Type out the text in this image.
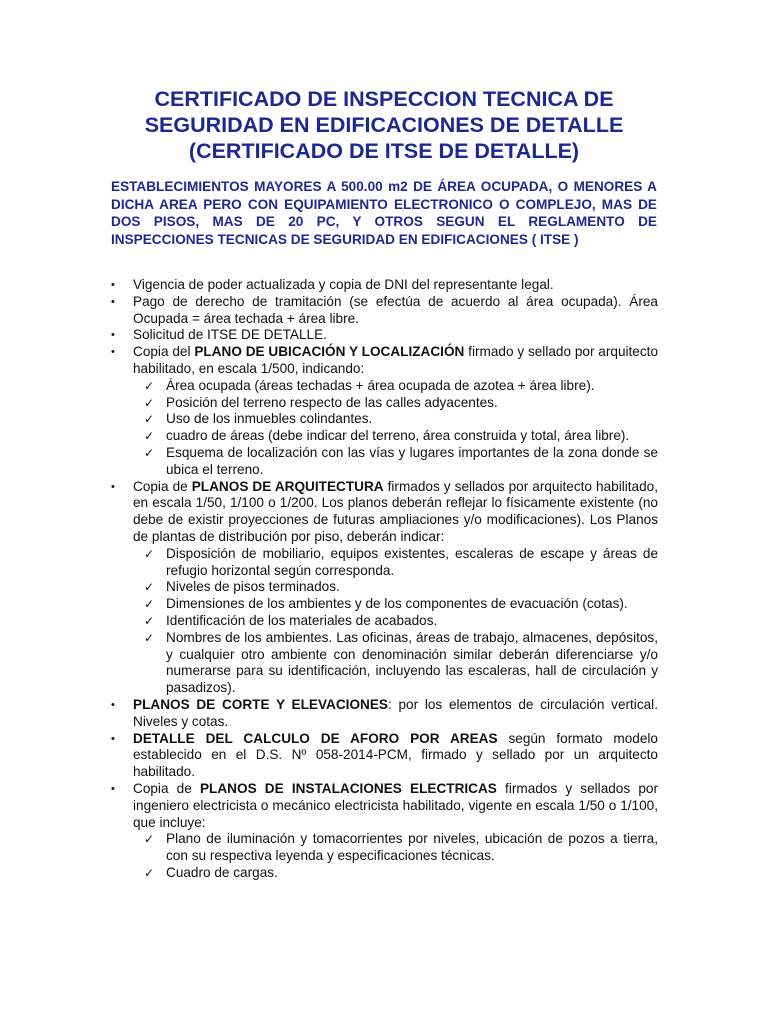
CERTIFICADO DE INSPECCION TECNICA DE
SEGURIDAD EN EDIFICACIONES DE DETALLE
(CERTIFICADO DE ITSE DE DETALLE)

ESTABLECIMIENTOS MAYORES A 500.00 m2 DE ÁREA OCUPADA, O MENORES A DICHA AREA PERO CON EQUIPAMIENTO ELECTRONICO O COMPLEJO, MAS DE DOS PISOS, MAS DE 20 PC, Y OTROS SEGUN EL REGLAMENTO DE INSPECCIONES TECNICAS DE SEGURIDAD EN EDIFICACIONES ( ITSE )

• Vigencia de poder actualizada y copia de DNI del representante legal.
• Pago de derecho de tramitación (se efectúa de acuerdo al área ocupada). Área Ocupada = área techada + área libre.
• Solicitud de ITSE DE DETALLE.
• Copia del PLANO DE UBICACIÓN Y LOCALIZACIÓN firmado y sellado por arquitecto habilitado, en escala 1/500, indicando:
✓ Área ocupada (áreas techadas + área ocupada de azotea + área libre).
✓ Posición del terreno respecto de las calles adyacentes.
✓ Uso de los inmuebles colindantes.
✓ cuadro de áreas (debe indicar del terreno, área construida y total, área libre).
✓ Esquema de localización con las vías y lugares importantes de la zona donde se ubica el terreno.
• Copia de PLANOS DE ARQUITECTURA firmados y sellados por arquitecto habilitado, en escala 1/50, 1/100 o 1/200. Los planos deberán reflejar lo físicamente existente (no debe de existir proyecciones de futuras ampliaciones y/o modificaciones). Los Planos de plantas de distribución por piso, deberán indicar:
✓ Disposición de mobiliario, equipos existentes, escaleras de escape y áreas de refugio horizontal según corresponda.
✓ Niveles de pisos terminados.
✓ Dimensiones de los ambientes y de los componentes de evacuación (cotas).
✓ Identificación de los materiales de acabados.
✓ Nombres de los ambientes. Las oficinas, áreas de trabajo, almacenes, depósitos, y cualquier otro ambiente con denominación similar deberán diferenciarse y/o numerarse para su identificación, incluyendo las escaleras, hall de circulación y pasadizos).
• PLANOS DE CORTE Y ELEVACIONES: por los elementos de circulación vertical. Niveles y cotas.
• DETALLE DEL CALCULO DE AFORO POR AREAS según formato modelo establecido en el D.S. Nº 058-2014-PCM, firmado y sellado por un arquitecto habilitado.
• Copia de PLANOS DE INSTALACIONES ELECTRICAS firmados y sellados por ingeniero electricista o mecánico electricista habilitado, vigente en escala 1/50 o 1/100, que incluye:
✓ Plano de iluminación y tomacorrientes por niveles, ubicación de pozos a tierra, con su respectiva leyenda y especificaciones técnicas.
✓ Cuadro de cargas.
